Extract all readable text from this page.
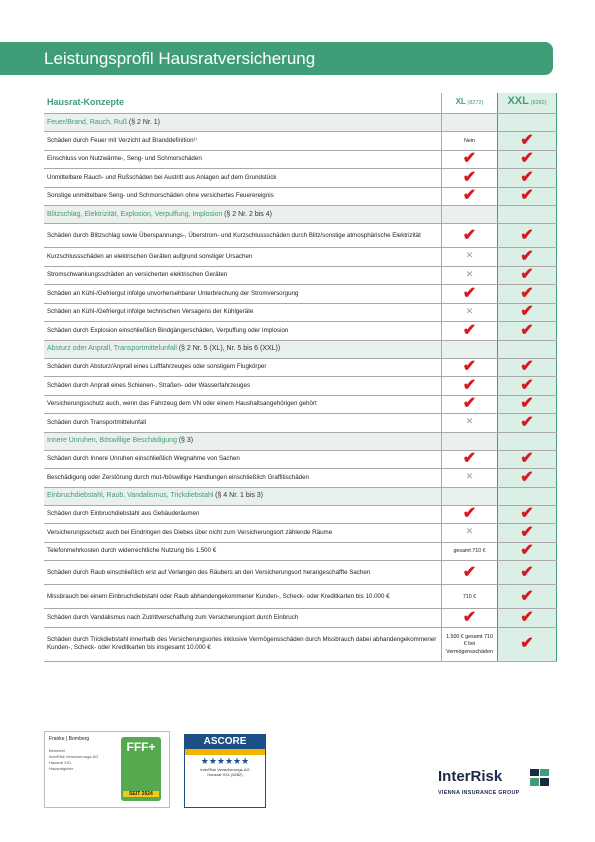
Leistungsprofil Hausratversicherung
Hausrat-Konzepte	XL (8272)	XXL (8282)
Feuer/Brand, Rauch, Ruß (§ 2 Nr. 1)		
Schäden durch Feuer mit Verzicht auf Branddefinition¹⁾	Nein	✔
Einschluss von Nutzwärme-, Seng- und Schmorschäden	✔	✔
Unmittelbare Rauch- und Rußschäden bei Austritt aus Anlagen auf dem Grundstück	✔	✔
Sonstige unmittelbare Seng- und Schmorschäden ohne versichertes Feuerereignis	✔	✔
Blitzschlag, Elektrizität, Explosion, Verpuffung, Implosion (§ 2 Nr. 2 bis 4)		
Schäden durch Blitzschlag sowie Überspannungs-, Überstrom- und Kurzschlussschäden durch Blitz/sonstige atmosphärische Elektrizität	✔	✔
Kurzschlussschäden an elektrischen Geräten aufgrund sonstiger Ursachen	✕	✔
Stromschwankungsschäden an versicherten elektrischen Geräten	✕	✔
Schäden an Kühl-/Gefriergut infolge unvorhersehbarer Unterbrechung der Stromversorgung	✔	✔
Schäden an Kühl-/Gefriergut infolge technischen Versagens der Kühlgeräte	✕	✔
Schäden durch Explosion einschließlich Bindgängerschäden, Verpuffung oder Implosion	✔	✔
Absturz oder Anprall, Transportmittelunfall (§ 2 Nr. 5 (XL), Nr. 5 bis 6 (XXL))		
Schäden durch Absturz/Anprall eines Luftfahrzeuges oder sonstigem Flugkörper	✔	✔
Schäden durch Anprall eines Schienen-, Straßen- oder Wasserfahrzeuges	✔	✔
Versicherungsschutz auch, wenn das Fahrzeug dem VN oder einem Haushaltsangehörigen gehört	✔	✔
Schäden durch Transportmittelunfall	✕	✔
Innere Unruhen, Böswillige Beschädigung (§ 3)		
Schäden durch Innere Unruhen einschließlich Wegnahme von Sachen	✔	✔
Beschädigung oder Zerstörung durch mut-/böswillige Handlungen einschließlich Graffitischäden	✕	✔
Einbruchdiebstahl, Raub, Vandalismus, Trickdiebstahl (§ 4 Nr. 1 bis 3)		
Schäden durch Einbruchdiebstahl aus Gebäuderäumen	✔	✔
Versicherungsschutz auch bei Eindringen des Diebes über nicht zum Versicherungsort zählende Räume	✕	✔
Telefonmehrkosten durch widerrechtliche Nutzung bis 1.500 €	gesamt 710 €	✔
Schäden durch Raub einschließlich erst auf Verlangen des Räubers an den Versicherungsort herangeschaffte Sachen	✔	✔
Missbrauch bei einem Einbruchdiebstahl oder Raub abhandengekommener Kunden-, Scheck- oder Kreditkarten bis 10.000 €	710 €	✔
Schäden durch Vandalismus nach Zutrittverschaffung zum Versicherungsort durch Einbruch	✔	✔
Schäden durch Trickdiebstahl innerhalb des Versicherungsortes inklusive Vermögensschäden durch Missbrauch dabei abhandengekommener Kunden-, Scheck- oder Kreditkarten bis insgesamt 10.000 €	1.500 € gesamt 710 € bei Vermögensschäden	✔
Franke | Bornberg
Bewertet
InterRisk Versicherungs-AG
Hausrat XXL
Hausratgeber
FFF+
SEIT 2024
ASCORE
★★★★★★
InterRisk Versicherungs-AG
Hausrat XXL (8282)	InterRisk
VIENNA INSURANCE GROUP
